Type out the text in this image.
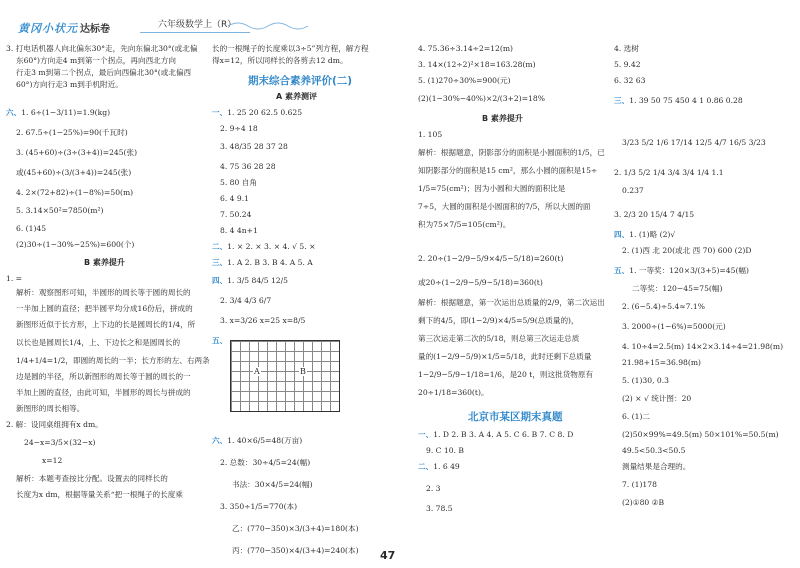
黄冈小状元 达标卷	六年级数学上（R）
3. 打电话机器人向北偏东30°走，先向东偏北30°(或北偏
东60°)方向走4 m到第一个拐点，再向西北方向
行走3 m到第二个拐点，最后向西偏北30°(或北偏西
60°)方向行走3 m到手机附近。
六、1. 6÷(1−3/11)=1.9(kg)
2. 67.5÷(1−25%)=90(千瓦时)
3. (45+60)÷(3÷(3+4))=245(张)
或(45+60)÷(3/(3+4))=245(张)
4. 2×(72+82)÷(1−8%)=50(m)
5. 3.14×50²=7850(m²)
6. (1)45
(2)30÷(1−30%−25%)=600(个)
B 素养提升
1. =
解析：观察图形可知，半圆形的周长等于圆的周长的
一半加上圆的直径；把半圆平均分成16份后，拼成的
新图形近似于长方形，上下边的长是圆周长的1/4，所
以长也是圆周长1/4，上、下边长之和是圆周长的
1/4+1/4=1/2，即圆的周长的一半；长方形的左、右两条
边是圆的半径，所以新图形的周长等于圆的周长的一
半加上圆的直径，由此可知，半圆形的周长与拼成的
新图形的周长相等。
2. 解：设同桌组拥有x dm。
24−x=3/5×(32−x)
x=12
解析：本题考查按比分配。设置去的同样长的
长度为x dm，根据等量关系“把一根绳子的长度乘
长的一根绳子的长度乘以3÷5”列方程，解方程
得x=12，所以同样长的各剪去12 dm。
期末综合素养评价(二)
A 素养测评
一、1. 25 20 62.5 0.625
2. 9÷4 18
3. 48/35 28 37 28
4. 75 36 28 28
5. 80 自角
6. 4 9.1
7. 50.24
8. 4 4n+1
二、1. × 2. × 3. × 4. √ 5. ×
三、1. A 2. B 3. B 4. A 5. A
四、1. 3/5 84/5 12/5
2. 3/4 4/3 6/7
3. x=3/26 x=25 x=8/5
五、
A	B
六、1. 40×6/5=48(万亩)
2. 总数：30÷4/5=24(幅)
书法：30×4/5=24(幅)
3. 350÷1/5=770(本)
乙：(770−350)×3/(3+4)=180(本)
丙：(770−350)×4/(3+4)=240(本)
4. 75.36÷3.14÷2=12(m)
3. 14×(12÷2)²×18=163.28(m)
5. (1)270÷30%=900(元)
(2)(1−30%−40%)×2/(3+2)=18%
B 素养提升
1. 105
解析：根据题意，阴影部分的面积是小圆面积的1/5，已
知阴影部分的面积是15 cm²，那么小圆的面积是15÷
1/5=75(cm²)；因为小圆和大圆的面积比是
7÷5，大圆的面积是小圆面积的7/5，所以大圆的面
积为75×7/5=105(cm²)。
2. 20÷(1−2/9−5/9×4/5−5/18)=260(t)
或20÷(1−2/9−5/9−5/18)=360(t)
解析：根据题意，第一次运出总质量的2/9，第二次运出
剩下的4/5，即(1−2/9)×4/5=5/9(总质量的)，
第三次运走第二次的5/18，则总第三次运走总质
量的(1−2/9−5/9)×1/5=5/18，此时还剩下总质量
1−2/9−5/9−1/18=1/6，是20 t，则这批货物原有
20÷1/18=360(t)。
北京市某区期末真题
一、1. D 2. B 3. A 4. A 5. C 6. B 7. C 8. D
9. C 10. B
二、1. 6 49
2. 3
3. 78.5
4. 选树
5. 9.42
6. 32 63
三、1. 39 50 75 450 4 1 0.86 0.28
3/23 5/2 1/6 17/14 12/5 4/7 16/5 3/23
2. 1/3 5/2 1/4 3/4 3/4 1/4 1.1
0.237
3. 2/3 20 15/4 7 4/15
四、1. (1)略 (2)√
2. (1)西 北 20(或北 西 70) 600 (2)D
五、1. 一等奖：120×3/(3+5)=45(幅)
二等奖：120−45=75(幅)
2. (6−5.4)÷5.4≈7.1%
3. 2000÷(1−6%)=5000(元)
4. 10÷4=2.5(m) 14×2×3.14÷4=21.98(m)
21.98+15=36.98(m)
5. (1)30, 0.3
(2) × √ 统计图：20
6. (1)二
(2)50×99%=49.5(m) 50×101%=50.5(m)
49.5<50.3<50.5
测量结果是合理的。
7. (1)178
(2)①80 ②B
47
